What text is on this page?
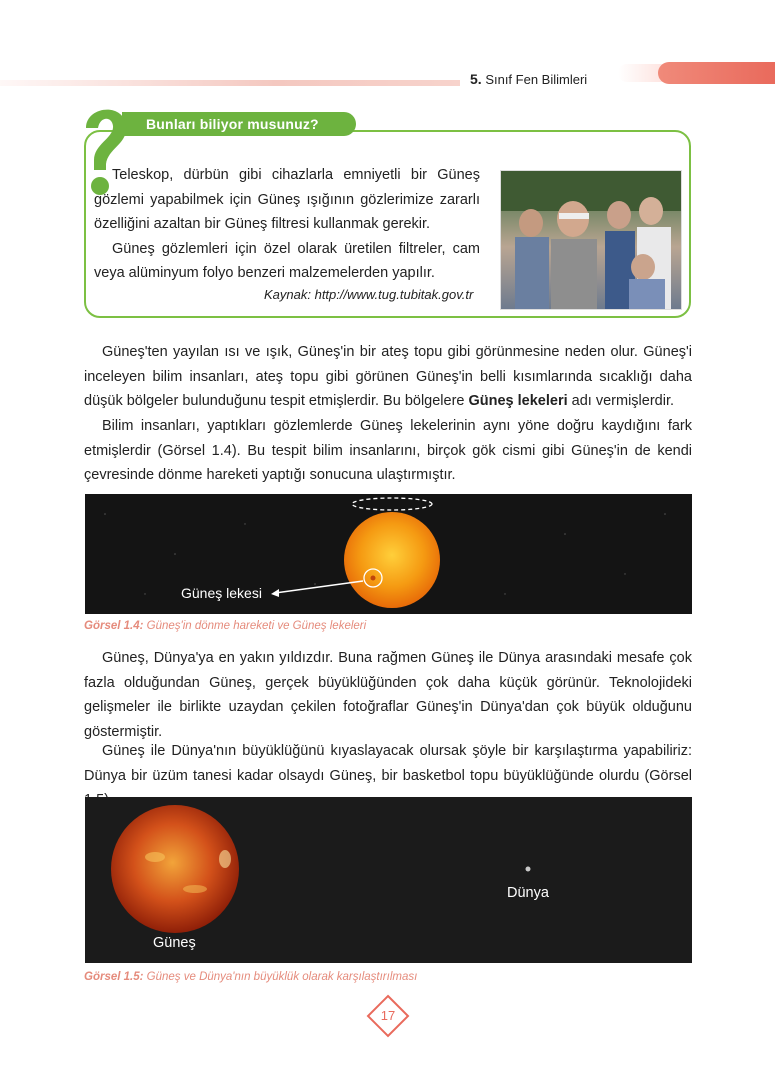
5. Sınıf Fen Bilimleri
Bunları biliyor musunuz?

Teleskop, dürbün gibi cihazlarla emniyetli bir Güneş gözlemi yapabilmek için Güneş ışığının gözlerimize zararlı özelliğini azaltan bir Güneş filtresi kullanmak gerekir.

Güneş gözlemleri için özel olarak üretilen filtreler, cam veya alüminyum folyo benzeri malzemelerden yapılır.

Kaynak: http://www.tug.tubitak.gov.tr

Güneş'ten yayılan ısı ve ışık, Güneş'in bir ateş topu gibi görünmesine neden olur. Güneş'i inceleyen bilim insanları, ateş topu gibi görünen Güneş'in belli kısımlarında sıcaklığı daha düşük bölgeler bulunduğunu tespit etmişlerdir. Bu bölgelere Güneş lekeleri adı vermişlerdir.

Bilim insanları, yaptıkları gözlemlerde Güneş lekelerinin aynı yöne doğru kaydığını fark etmişlerdir (Görsel 1.4). Bu tespit bilim insanlarını, birçok gök cismi gibi Güneş'in de kendi çevresinde dönme hareketi yaptığı sonucuna ulaştırmıştır.

Güneş lekesi
Görsel 1.4: Güneş'in dönme hareketi ve Güneş lekeleri

Güneş, Dünya'ya en yakın yıldızdır. Buna rağmen Güneş ile Dünya arasındaki mesafe çok fazla olduğundan Güneş, gerçek büyüklüğünden çok daha küçük görünür. Teknolojideki gelişmeler ile birlikte uzaydan çekilen fotoğraflar Güneş'in Dünya'dan çok büyük olduğunu göstermiştir.

Güneş ile Dünya'nın büyüklüğünü kıyaslayacak olursak şöyle bir karşılaştırma yapabiliriz: Dünya bir üzüm tanesi kadar olsaydı Güneş, bir basketbol topu büyüklüğünde olurdu (Görsel

Güneş
Dünya
Görsel 1.5: Güneş ve Dünya'nın büyüklük olarak karşılaştırılması
17
